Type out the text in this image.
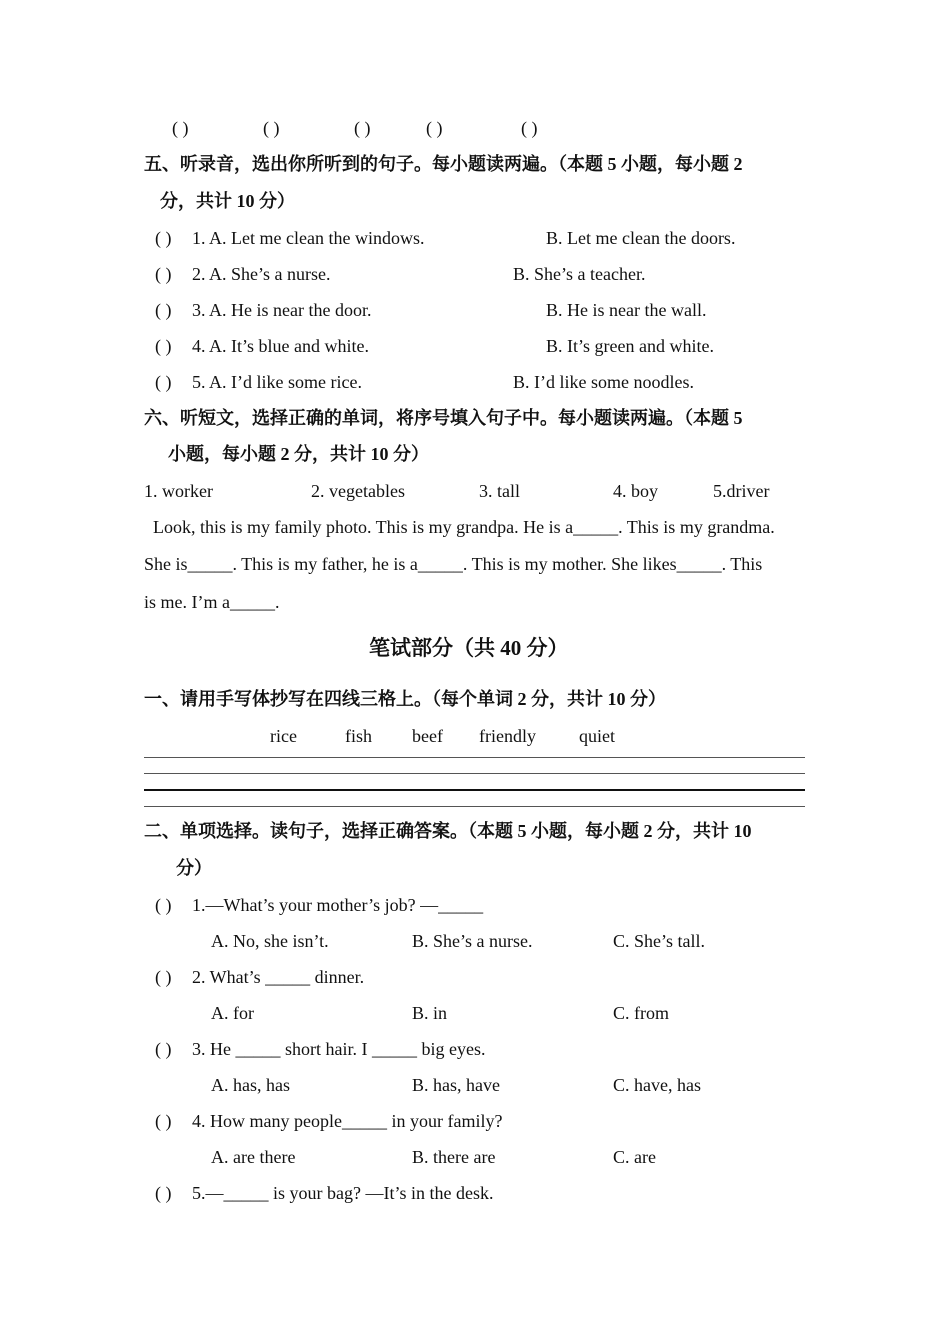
( )	( )	( )	( )	( )
五、听录音，选出你所听到的句子。每小题读两遍。（本题 5 小题，每小题 2
分，共计 10 分）
( ) 1. A. Let me clean the windows.	B. Let me clean the doors.
( ) 2. A. She’s a nurse.	B. She’s a teacher.
( ) 3. A. He is near the door.	B. He is near the wall.
( ) 4. A. It’s blue and white.	B. It’s green and white.
( ) 5. A. I’d like some rice.	B. I’d like some noodles.
六、听短文，选择正确的单词，将序号填入句子中。每小题读两遍。（本题 5
小题，每小题 2 分，共计 10 分）
1. worker	2. vegetables	3. tall	4. boy	5.driver
Look, this is my family photo. This is my grandpa. He is a_____. This is my grandma.
She is_____. This is my father, he is a_____. This is my mother. She likes_____. This
is me. I’m a_____.
笔试部分（共 40 分）
一、请用手写体抄写在四线三格上。（每个单词 2 分，共计 10 分）
rice	fish beef friendly quiet
二、单项选择。读句子，选择正确答案。（本题 5 小题，每小题 2 分，共计 10
分）
( ) 1.—What’s your mother’s job? —_____
A. No, she isn’t.	B. She’s a nurse.	C. She’s tall.
( ) 2. What’s _____ dinner.
A. for	B. in	C. from
( ) 3. He _____ short hair. I _____ big eyes.
A. has, has	B. has, have	C. have, has
( ) 4. How many people_____ in your family?
A. are there	B. there are	C. are
( ) 5.—_____ is your bag? —It’s in the desk.
